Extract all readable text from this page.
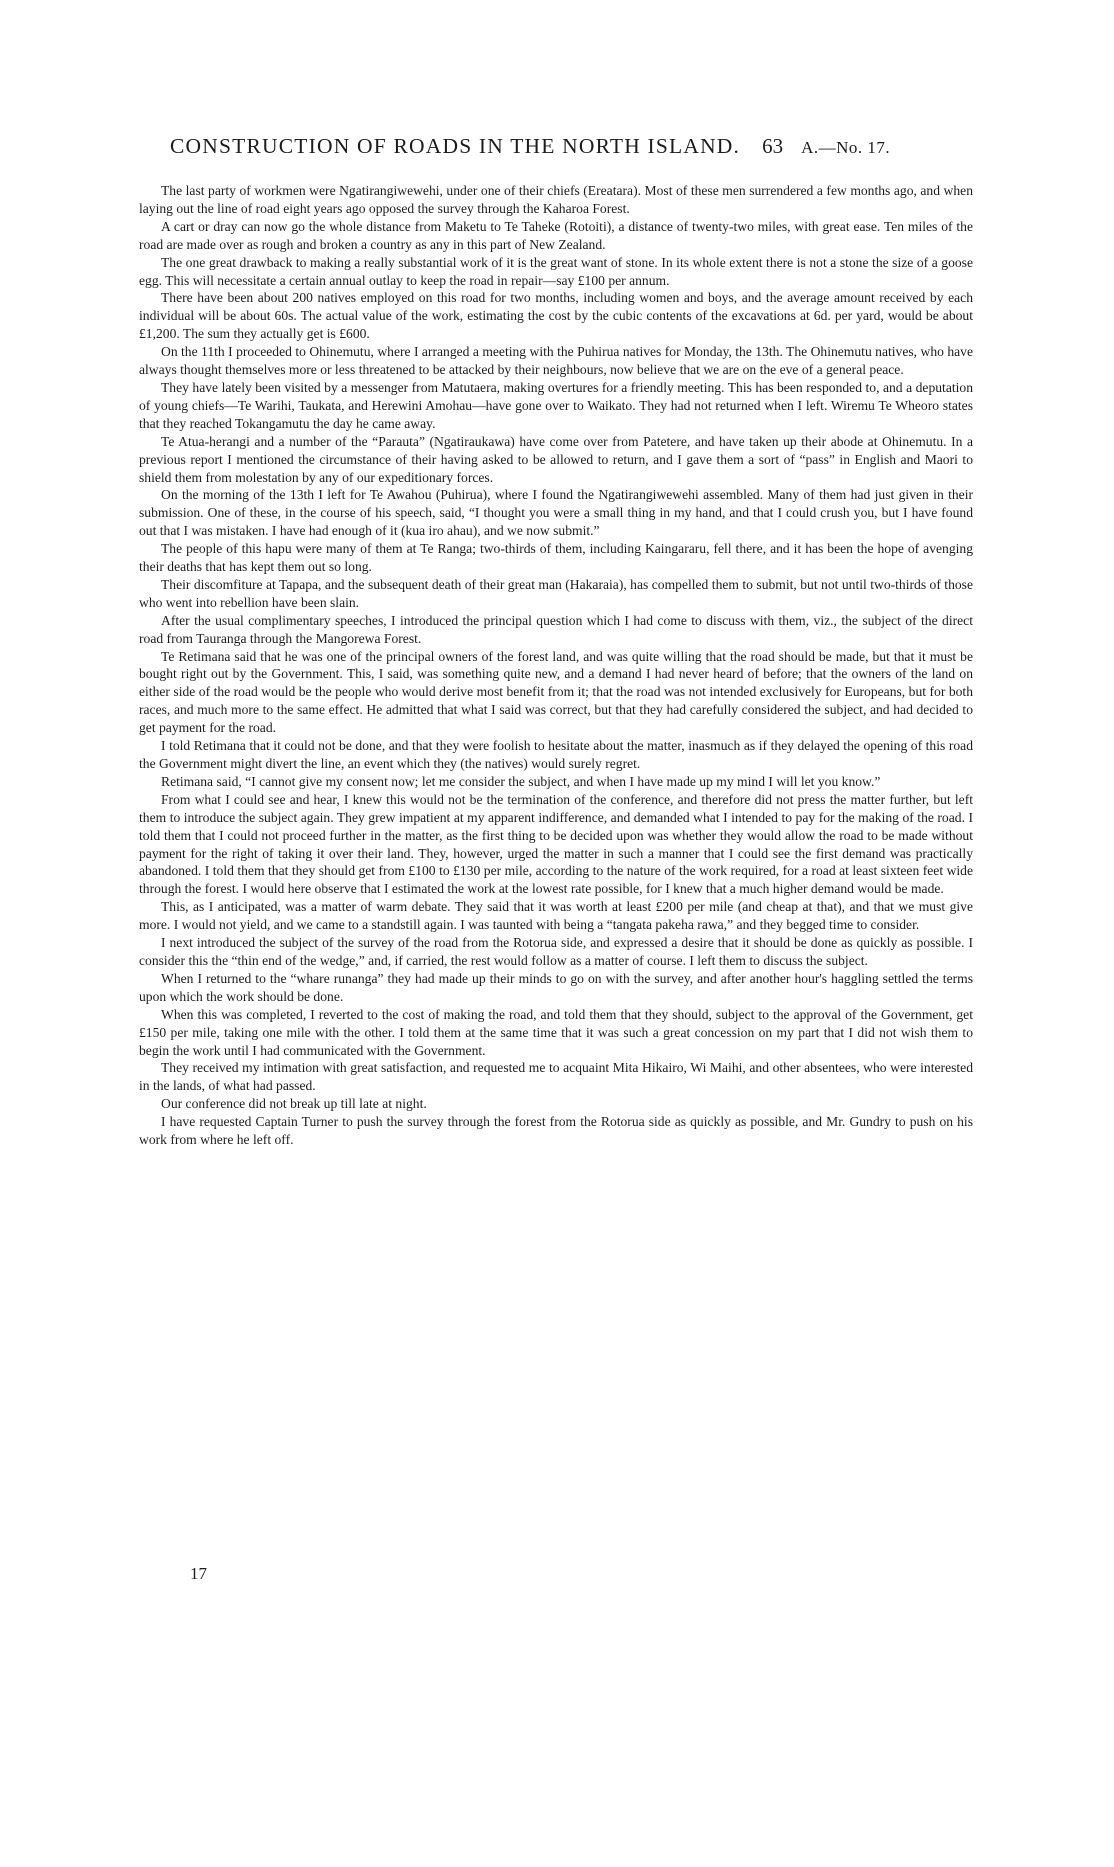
CONSTRUCTION OF ROADS IN THE NORTH ISLAND. 63 A.—No. 17.

The last party of workmen were Ngatirangiwewehi, under one of their chiefs (Ereatara). Most of these men surrendered a few months ago, and when laying out the line of road eight years ago opposed the survey through the Kaharoa Forest.

A cart or dray can now go the whole distance from Maketu to Te Taheke (Rotoiti), a distance of twenty-two miles, with great ease. Ten miles of the road are made over as rough and broken a country as any in this part of New Zealand.

The one great drawback to making a really substantial work of it is the great want of stone. In its whole extent there is not a stone the size of a goose egg. This will necessitate a certain annual outlay to keep the road in repair—say £100 per annum.

There have been about 200 natives employed on this road for two months, including women and boys, and the average amount received by each individual will be about 60s. The actual value of the work, estimating the cost by the cubic contents of the excavations at 6d. per yard, would be about £1,200. The sum they actually get is £600.

On the 11th I proceeded to Ohinemutu, where I arranged a meeting with the Puhirua natives for Monday, the 13th. The Ohinemutu natives, who have always thought themselves more or less threatened to be attacked by their neighbours, now believe that we are on the eve of a general peace.

They have lately been visited by a messenger from Matutaera, making overtures for a friendly meeting. This has been responded to, and a deputation of young chiefs—Te Warihi, Taukata, and Herewini Amohau—have gone over to Waikato. They had not returned when I left. Wiremu Te Wheoro states that they reached Tokangamutu the day he came away.

Te Atua-herangi and a number of the “Parauta” (Ngatiraukawa) have come over from Patetere, and have taken up their abode at Ohinemutu. In a previous report I mentioned the circumstance of their having asked to be allowed to return, and I gave them a sort of “pass” in English and Maori to shield them from molestation by any of our expeditionary forces.

On the morning of the 13th I left for Te Awahou (Puhirua), where I found the Ngatirangiwewehi assembled. Many of them had just given in their submission. One of these, in the course of his speech, said, “I thought you were a small thing in my hand, and that I could crush you, but I have found out that I was mistaken. I have had enough of it (kua iro ahau), and we now submit.”

The people of this hapu were many of them at Te Ranga; two-thirds of them, including Kaingararu, fell there, and it has been the hope of avenging their deaths that has kept them out so long.

Their discomfiture at Tapapa, and the subsequent death of their great man (Hakaraia), has compelled them to submit, but not until two-thirds of those who went into rebellion have been slain.

After the usual complimentary speeches, I introduced the principal question which I had come to discuss with them, viz., the subject of the direct road from Tauranga through the Mangorewa Forest.

Te Retimana said that he was one of the principal owners of the forest land, and was quite willing that the road should be made, but that it must be bought right out by the Government. This, I said, was something quite new, and a demand I had never heard of before; that the owners of the land on either side of the road would be the people who would derive most benefit from it; that the road was not intended exclusively for Europeans, but for both races, and much more to the same effect. He admitted that what I said was correct, but that they had carefully considered the subject, and had decided to get payment for the road.

I told Retimana that it could not be done, and that they were foolish to hesitate about the matter, inasmuch as if they delayed the opening of this road the Government might divert the line, an event which they (the natives) would surely regret.

Retimana said, “I cannot give my consent now; let me consider the subject, and when I have made up my mind I will let you know.”

From what I could see and hear, I knew this would not be the termination of the conference, and therefore did not press the matter further, but left them to introduce the subject again. They grew impatient at my apparent indifference, and demanded what I intended to pay for the making of the road. I told them that I could not proceed further in the matter, as the first thing to be decided upon was whether they would allow the road to be made without payment for the right of taking it over their land. They, however, urged the matter in such a manner that I could see the first demand was practically abandoned. I told them that they should get from £100 to £130 per mile, according to the nature of the work required, for a road at least sixteen feet wide through the forest. I would here observe that I estimated the work at the lowest rate possible, for I knew that a much higher demand would be made.

This, as I anticipated, was a matter of warm debate. They said that it was worth at least £200 per mile (and cheap at that), and that we must give more. I would not yield, and we came to a standstill again. I was taunted with being a “tangata pakeha rawa,” and they begged time to consider.

I next introduced the subject of the survey of the road from the Rotorua side, and expressed a desire that it should be done as quickly as possible. I consider this the “thin end of the wedge,” and, if carried, the rest would follow as a matter of course. I left them to discuss the subject.

When I returned to the “whare runanga” they had made up their minds to go on with the survey, and after another hour's haggling settled the terms upon which the work should be done.

When this was completed, I reverted to the cost of making the road, and told them that they should, subject to the approval of the Government, get £150 per mile, taking one mile with the other. I told them at the same time that it was such a great concession on my part that I did not wish them to begin the work until I had communicated with the Government.

They received my intimation with great satisfaction, and requested me to acquaint Mita Hikairo, Wi Maihi, and other absentees, who were interested in the lands, of what had passed.

Our conference did not break up till late at night.

I have requested Captain Turner to push the survey through the forest from the Rotorua side as quickly as possible, and Mr. Gundry to push on his work from where he left off.

17
